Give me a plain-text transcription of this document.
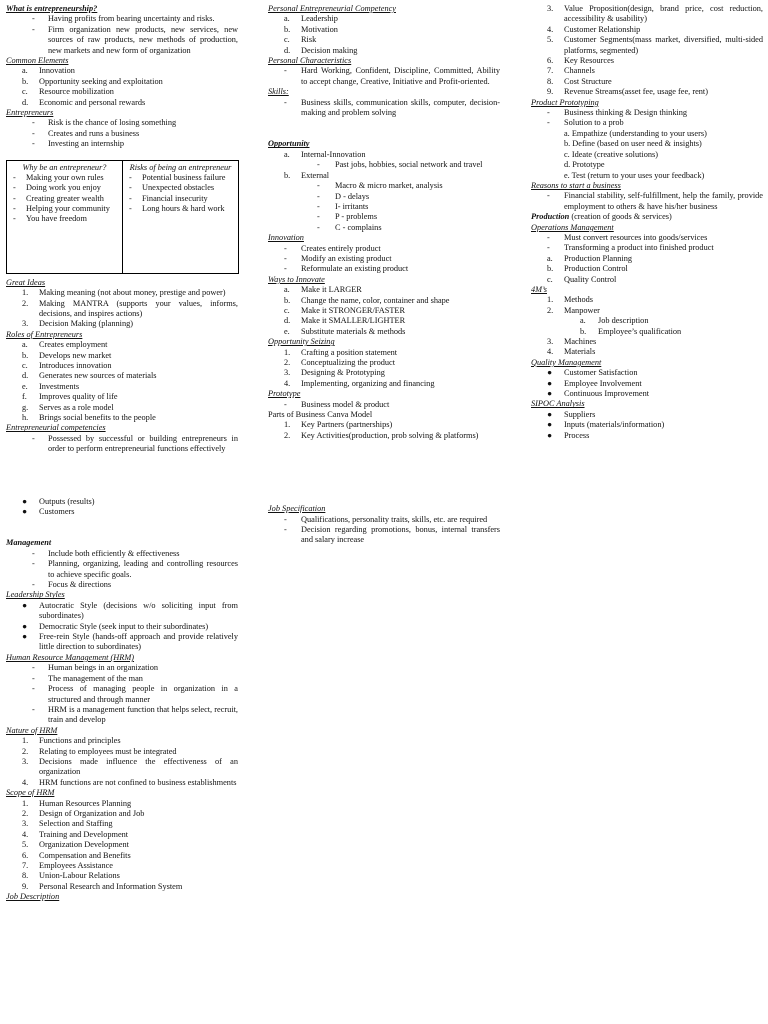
What is entrepreneurship?
-	Having profits from bearing uncertainty and risks.
-	Firm organization new products, new services, new sources of raw products, new methods of production, new markets and new form of organization
Common Elements
a.	Innovation
b.	Opportunity seeking and exploitation
c.	Resource mobilization
d.	Economic and personal rewards
Entrepreneurs
-	Risk is the chance of losing something
-	Creates and runs a business
-	Investing an internship
Why be an entrepreneur?
-	Making your own rules
-	Doing work you enjoy
-	Creating greater wealth
-	Helping your community
-	You have freedom
Risks of being an entrepreneur
-	Potential business failure
-	Unexpected obstacles
-	Financial insecurity
-	Long hours & hard work
Great Ideas
1.	Making meaning (not about money, prestige and power)
2.	Making MANTRA (supports your values, informs, decisions, and inspires actions)
3.	Decision Making (planning)
Roles of Entrepreneurs
a.	Creates employment
b.	Develops new market
c.	Introduces innovation
d.	Generates new sources of materials
e.	Investments
f.	Improves quality of life
g.	Serves as a role model
h.	Brings social benefits to the people
Entrepreneurial competencies
-	Possessed by successful or building entrepreneurs in order to perform entrepreneurial functions effectively
●	Outputs (results)
●	Customers
Management
-	Include both efficiently & effectiveness
-	Planning, organizing, leading and controlling resources to achieve specific goals.
-	Focus & directions
Leadership Styles
●	Autocratic Style (decisions w/o soliciting input from subordinates)
●	Democratic Style (seek input to their subordinates)
●	Free-rein Style (hands-off approach and provide relatively little direction to subordinates)
Human Resource Management (HRM)
-	Human beings in an organization
-	The management of the man
-	Process of managing people in organization in a structured and through manner
-	HRM is a management function that helps select, recruit, train and develop
Nature of HRM
1.	Functions and principles
2.	Relating to employees must be integrated
3.	Decisions made influence the effectiveness of an organization
4.	HRM functions are not confined to business establishments
Scope of HRM
1.	Human Resources Planning
2.	Design of Organization and Job
3.	Selection and Staffing
4.	Training and Development
5.	Organization Development
6.	Compensation and Benefits
7.	Employees Assistance
8.	Union-Labour Relations
9.	Personal Research and Information System
Job Description
Personal Entrepreneurial Competency
a.	Leadership
b.	Motivation
c.	Risk
d.	Decision making
Personal Characteristics
-	Hard Working, Confident, Discipline, Committed, Ability to accept change, Creative, Initiative and Profit-oriented.
Skills:
-	Business skills, communication skills, computer, decision- making and problem solving
Opportunity
a.	Internal-Innovation
-	Past jobs, hobbies, social network and travel
b.	External
-	Macro & micro market, analysis
-	D - delays
-	I- irritants
-	P - problems
-	C - complains
Innovation
-	Creates entirely product
-	Modify an existing product
-	Reformulate an existing product
Ways to Innovate
a.	Make it LARGER
b.	Change the name, color, container and shape
c.	Make it STRONGER/FASTER
d.	Make it SMALLER/LIGHTER
e.	Substitute materials & methods
Opportunity Seizing
1.	Crafting a position statement
2.	Conceptualizing the product
3.	Designing & Prototyping
4.	Implementing, organizing and financing
Prototype
-	Business model & product
Parts of Business Canva Model
1.	Key Partners (partnerships)
2.	Key Activities(production, prob solving & platforms)
Job Specification
-	Qualifications, personality traits, skills, etc. are required
-	Decision regarding promotions, bonus, internal transfers and salary increase
3.	Value Proposition(design, brand price, cost reduction, accessibility & usability)
4.	Customer Relationship
5.	Customer Segments(mass market, diversified, multi-sided platforms, segmented)
6.	Key Resources
7.	Channels
8.	Cost Structure
9.	Revenue Streams(asset fee, usage fee, rent)
Product Prototyping
-	Business thinking & Design thinking
-	Solution to a prob
a. Empathize (understanding to your users)
b. Define (based on user need & insights)
c. Ideate (creative solutions)
d. Prototype
e. Test (return to your uses your feedback)
Reasons to start a business
-	Financial stability, self-fulfillment, help the family, provide employment to others & have his/her business
Production (creation of goods & services)
Operations Management
-	Must convert resources into goods/services
-	Transforming a product into finished product
a.	Production Planning
b.	Production Control
c.	Quality Control
4M’s
1.	Methods
2.	Manpower
a.	Job description
b.	Employee’s qualification
3.	Machines
4.	Materials
Quality Management
●	Customer Satisfaction
●	Employee Involvement
●	Continuous Improvement
SIPOC Analysis
●	Suppliers
●	Inputs (materials/information)
●	Process
